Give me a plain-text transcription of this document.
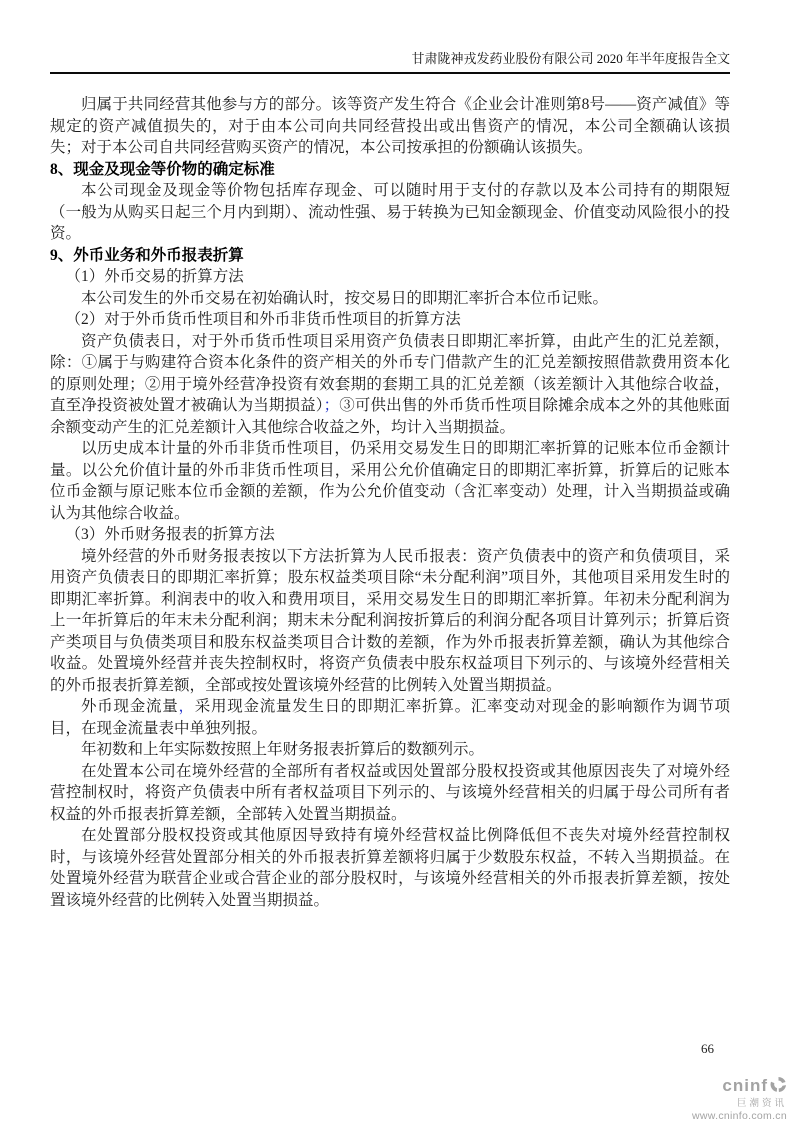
甘肃陇神戎发药业股份有限公司 2020 年半年度报告全文

归属于共同经营其他参与方的部分。该等资产发生符合《企业会计准则第8号——资产减值》等规定的资产减值损失的，对于由本公司向共同经营投出或出售资产的情况，本公司全额确认该损失；对于本公司自共同经营购买资产的情况，本公司按承担的份额确认该损失。

8、现金及现金等价物的确定标准

本公司现金及现金等价物包括库存现金、可以随时用于支付的存款以及本公司持有的期限短（一般为从购买日起三个月内到期）、流动性强、易于转换为已知金额现金、价值变动风险很小的投资。

9、外币业务和外币报表折算

（1）外币交易的折算方法

本公司发生的外币交易在初始确认时，按交易日的即期汇率折合本位币记账。

（2）对于外币货币性项目和外币非货币性项目的折算方法

资产负债表日，对于外币货币性项目采用资产负债表日即期汇率折算，由此产生的汇兑差额，除：①属于与购建符合资本化条件的资产相关的外币专门借款产生的汇兑差额按照借款费用资本化的原则处理；②用于境外经营净投资有效套期的套期工具的汇兑差额（该差额计入其他综合收益，直至净投资被处置才被确认为当期损益）；③可供出售的外币货币性项目除摊余成本之外的其他账面余额变动产生的汇兑差额计入其他综合收益之外，均计入当期损益。

以历史成本计量的外币非货币性项目，仍采用交易发生日的即期汇率折算的记账本位币金额计量。以公允价值计量的外币非货币性项目，采用公允价值确定日的即期汇率折算，折算后的记账本位币金额与原记账本位币金额的差额，作为公允价值变动（含汇率变动）处理，计入当期损益或确认为其他综合收益。

（3）外币财务报表的折算方法

境外经营的外币财务报表按以下方法折算为人民币报表：资产负债表中的资产和负债项目，采用资产负债表日的即期汇率折算；股东权益类项目除“未分配利润”项目外，其他项目采用发生时的即期汇率折算。利润表中的收入和费用项目，采用交易发生日的即期汇率折算。年初未分配利润为上一年折算后的年末未分配利润；期末未分配利润按折算后的利润分配各项目计算列示；折算后资产类项目与负债类项目和股东权益类项目合计数的差额，作为外币报表折算差额，确认为其他综合收益。处置境外经营并丧失控制权时，将资产负债表中股东权益项目下列示的、与该境外经营相关的外币报表折算差额，全部或按处置该境外经营的比例转入处置当期损益。

外币现金流量，采用现金流量发生日的即期汇率折算。汇率变动对现金的影响额作为调节项目，在现金流量表中单独列报。

年初数和上年实际数按照上年财务报表折算后的数额列示。

在处置本公司在境外经营的全部所有者权益或因处置部分股权投资或其他原因丧失了对境外经营控制权时，将资产负债表中所有者权益项目下列示的、与该境外经营相关的归属于母公司所有者权益的外币报表折算差额，全部转入处置当期损益。

在处置部分股权投资或其他原因导致持有境外经营权益比例降低但不丧失对境外经营控制权时，与该境外经营处置部分相关的外币报表折算差额将归属于少数股东权益，不转入当期损益。在处置境外经营为联营企业或合营企业的部分股权时，与该境外经营相关的外币报表折算差额，按处置该境外经营的比例转入处置当期损益。

66
cninf
巨潮资讯
www.cninfo.com.cn
